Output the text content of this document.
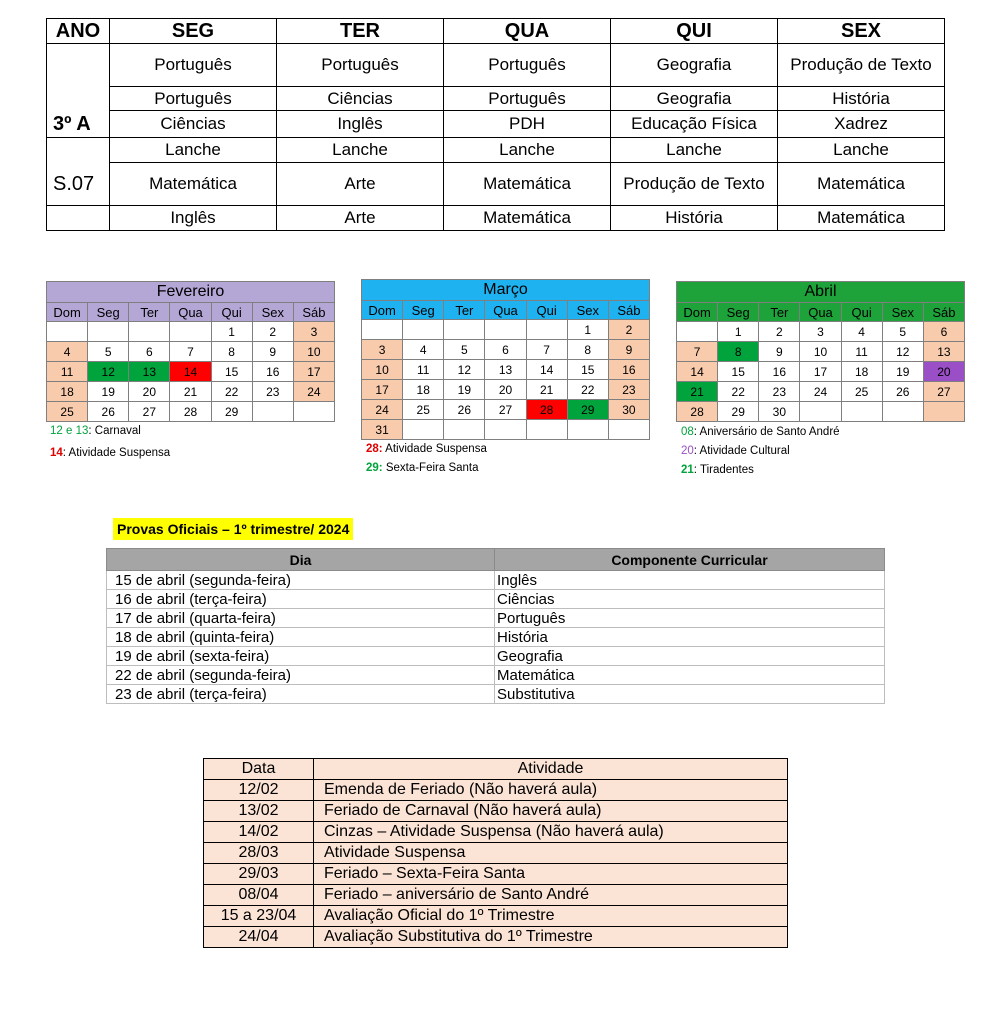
ANO	SEG	TER	QUA	QUI	SEX
	Português	Português	Português	Geografia	Produção de Texto
	Português	Ciências	Português	Geografia	História
3º A	Ciências	Inglês	PDH	Educação Física	Xadrez
	Lanche	Lanche	Lanche	Lanche	Lanche
S.07	Matemática	Arte	Matemática	Produção de Texto	Matemática
	Inglês	Arte	Matemática	História	Matemática
Fevereiro						
Dom	Seg	Ter	Qua	Qui	Sex	Sáb
				1	2	3
4	5	6	7	8	9	10
11	12	13	14	15	16	17
18	19	20	21	22	23	24
25	26	27	28	29		
12 e 13: Carnaval
14: Atividade Suspensa
Março						
Dom	Seg	Ter	Qua	Qui	Sex	Sáb
					1	2
3	4	5	6	7	8	9
10	11	12	13	14	15	16
17	18	19	20	21	22	23
24	25	26	27	28	29	30
31						
28: Atividade Suspensa
29: Sexta-Feira Santa
Abril						
Dom	Seg	Ter	Qua	Qui	Sex	Sáb
	1	2	3	4	5	6
7	8	9	10	11	12	13
14	15	16	17	18	19	20
21	22	23	24	25	26	27
28	29	30				
08: Aniversário de Santo André
20: Atividade Cultural
21: Tiradentes
Provas Oficiais – 1º trimestre/ 2024
Dia	Componente Curricular
15 de abril (segunda-feira)	Inglês
16 de abril (terça-feira)	Ciências
17 de abril (quarta-feira)	Português
18 de abril (quinta-feira)	História
19 de abril (sexta-feira)	Geografia
22 de abril (segunda-feira)	Matemática
23 de abril (terça-feira)	Substitutiva
Data	Atividade
12/02	Emenda de Feriado (Não haverá aula)
13/02	Feriado de Carnaval (Não haverá aula)
14/02	Cinzas – Atividade Suspensa (Não haverá aula)
28/03	Atividade Suspensa
29/03	Feriado – Sexta-Feira Santa
08/04	Feriado – aniversário de Santo André
15 a 23/04	Avaliação Oficial do 1º Trimestre
24/04	Avaliação Substitutiva do 1º Trimestre
